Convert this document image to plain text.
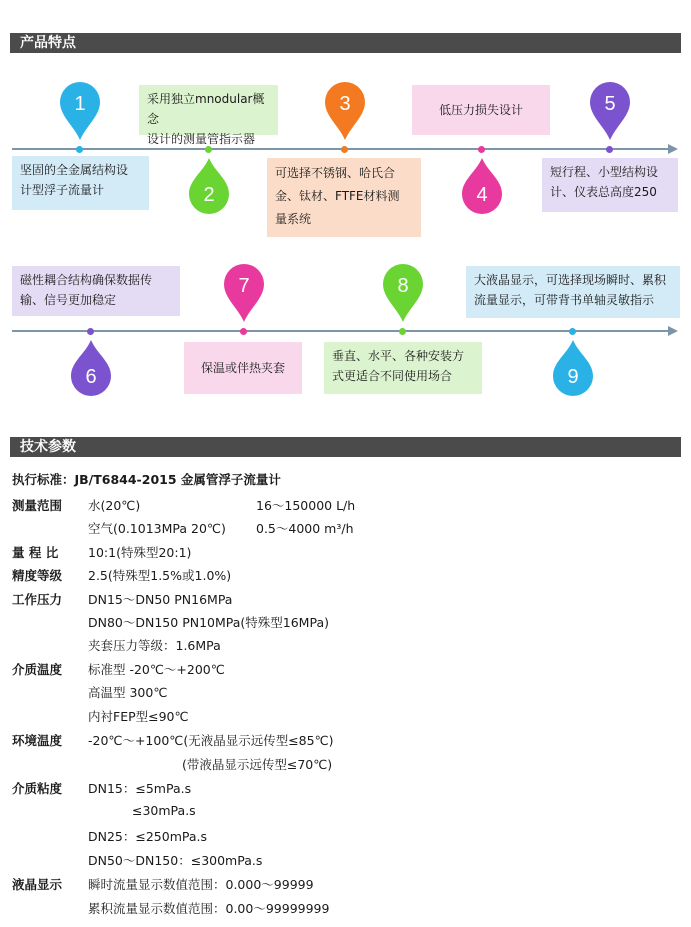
产品特点
1
坚固的全金属结构设
计型浮子流量计
采用独立mnodular概念
设计的测量管指示器
2
3
可选择不锈钢、哈氏合
金、钛材、FTFE材料测
量系统
低压力损失设计
4
5
短行程、小型结构设
计、仪表总高度250
磁性耦合结构确保数据传
输、信号更加稳定
6
7
保温或伴热夹套
8
垂直、水平、各种安装方
式更适合不同使用场合
大液晶显示，可选择现场瞬时、累积
流量显示，可带背书单轴灵敏指示
9
技术参数
执行标准：JB/T6844-2015 金属管浮子流量计
测量范围 水(20℃)	16～150000 L/h
空气(0.1013MPa 20℃) 0.5～4000 m³/h
量 程 比 10:1(特殊型20:1)
精度等级 2.5(特殊型1.5%或1.0%)
工作压力 DN15～DN50 PN16MPa
DN80～DN150 PN10MPa(特殊型16MPa)
夹套压力等级：1.6MPa
介质温度 标准型 -20℃～+200℃
高温型 300℃
内衬FEP型≤90℃
环境温度 -20℃～+100℃(无液晶显示远传型≤85℃)
(带液晶显示远传型≤70℃)
介质粘度 DN15：≤5mPa.s
≤30mPa.s
DN25：≤250mPa.s
DN50～DN150：≤300mPa.s
液晶显示 瞬时流量显示数值范围：0.000～99999
累积流量显示数值范围：0.00～99999999
